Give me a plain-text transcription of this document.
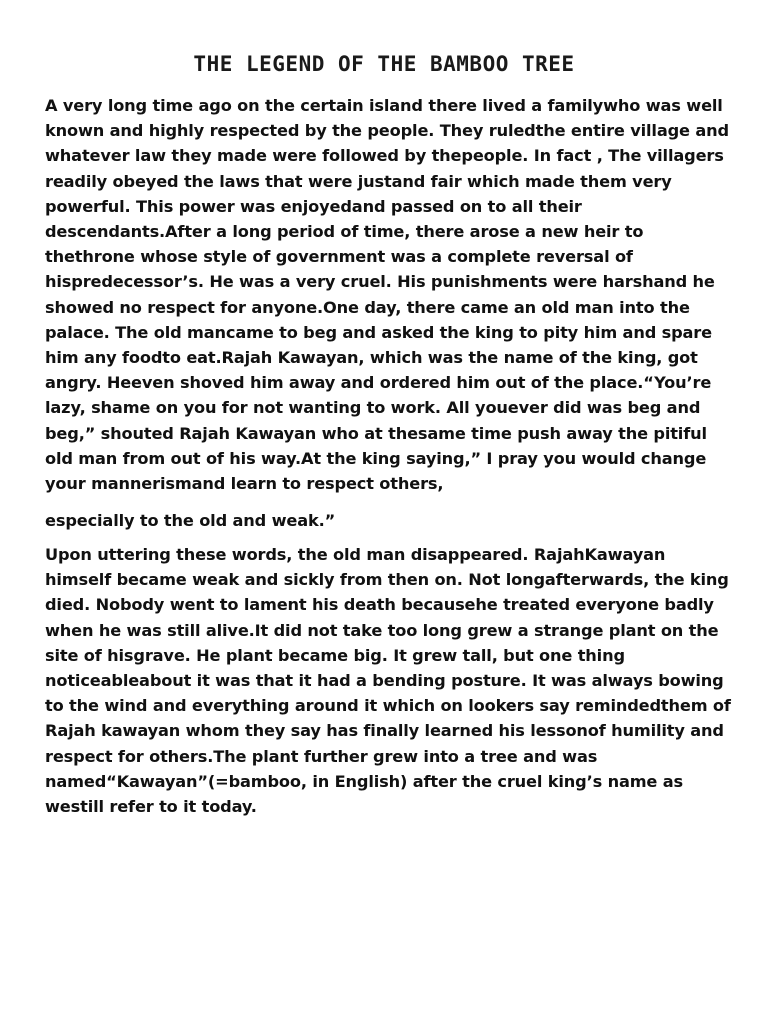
THE LEGEND OF THE BAMBOO TREE

A very long time ago on the certain island there lived a familywho was well known and highly respected by the people. They ruledthe entire village and whatever law they made were followed by thepeople. In fact , The villagers readily obeyed the laws that were justand fair which made them very powerful. This power was enjoyedand passed on to all their descendants.After a long period of time, there arose a new heir to thethrone whose style of government was a complete reversal of hispredecessor’s. He was a very cruel. His punishments were harshand he showed no respect for anyone.One day, there came an old man into the palace. The old mancame to beg and asked the king to pity him and spare him any foodto eat.Rajah Kawayan, which was the name of the king, got angry. Heeven shoved him away and ordered him out of the place.“You’re lazy, shame on you for not wanting to work. All youever did was beg and beg,” shouted Rajah Kawayan who at thesame time push away the pitiful old man from out of his way.At the king saying,” I pray you would change your mannerismand learn to respect others,

especially to the old and weak.”

Upon uttering these words, the old man disappeared. RajahKawayan himself became weak and sickly from then on. Not longafterwards, the king died. Nobody went to lament his death becausehe treated everyone badly when he was still alive.It did not take too long grew a strange plant on the site of hisgrave. He plant became big. It grew tall, but one thing noticeableabout it was that it had a bending posture. It was always bowing to the wind and everything around it which on lookers say remindedthem of Rajah kawayan whom they say has finally learned his lessonof humility and respect for others.The plant further grew into a tree and was named“Kawayan”(=bamboo, in English) after the cruel king’s name as westill refer to it today.
